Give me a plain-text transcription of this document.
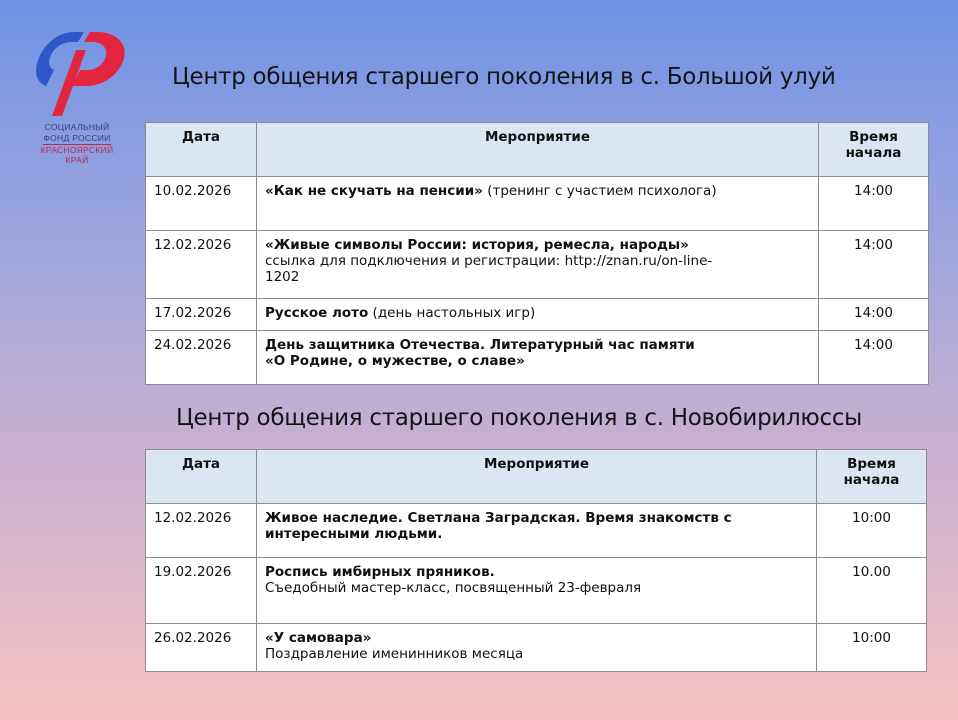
СОЦИАЛЬНЫЙ
ФОНД РОССИИ
КРАСНОЯРСКИЙ
КРАЙ
Центр общения старшего поколения в с. Большой улуй
Дата	Мероприятие	Время
начала
10.02.2026	«Как не скучать на пенсии» (тренинг с участием психолога)	14:00
12.02.2026	«Живые символы России: история, ремесла, народы»
ссылка для подключения и регистрации: http://znan.ru/on-line-
1202	14:00
17.02.2026	Русское лото (день настольных игр)	14:00
24.02.2026	День защитника Отечества. Литературный час памяти
«О Родине, о мужестве, о славе»	14:00
Центр общения старшего поколения в с. Новобирилюссы
Дата	Мероприятие	Время
начала
12.02.2026	Живое наследие. Светлана Заградская. Время знакомств с
интересными людьми.	10:00
19.02.2026	Роспись имбирных пряников.
Съедобный мастер-класс, посвященный 23-февраля	10.00
26.02.2026	«У самовара»
Поздравление именинников месяца	10:00
